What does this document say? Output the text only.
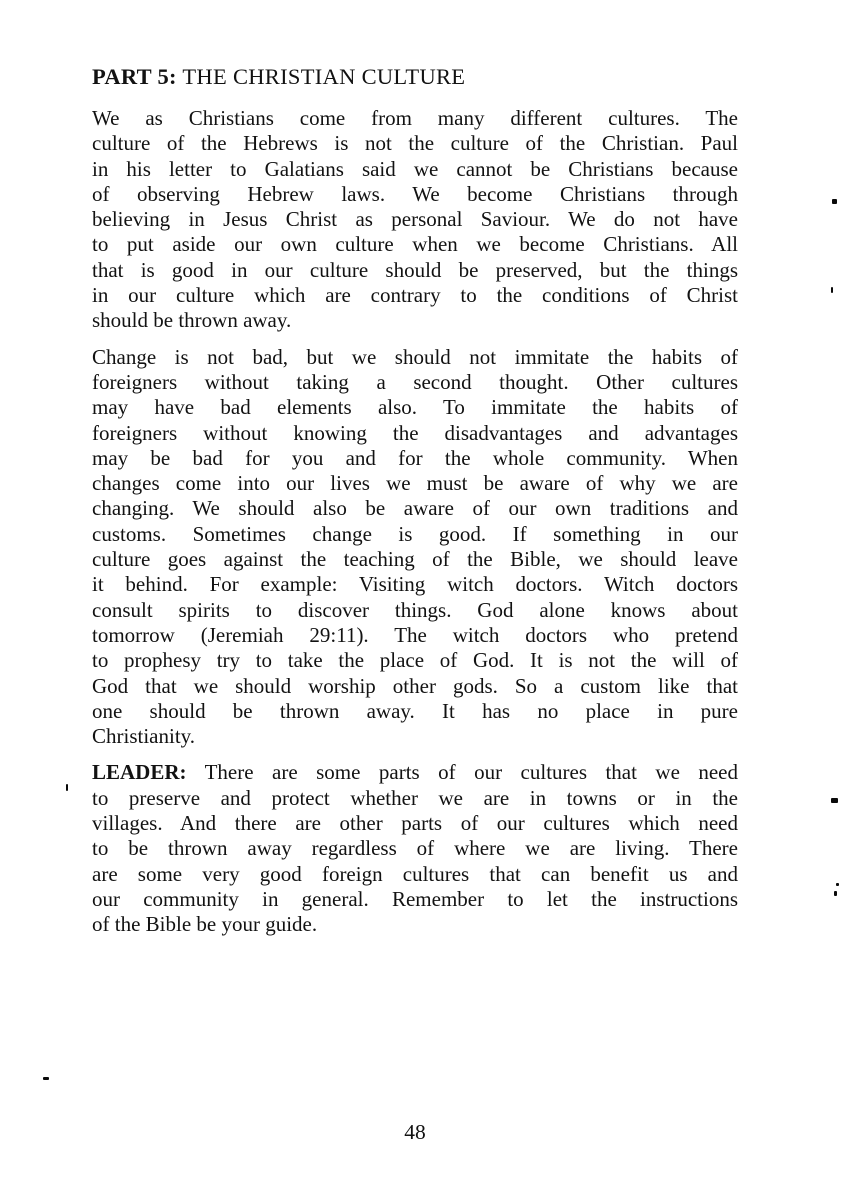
PART 5: THE CHRISTIAN CULTURE
We as Christians come from many different cultures. The
culture of the Hebrews is not the culture of the Christian. Paul
in his letter to Galatians said we cannot be Christians because
of observing Hebrew laws. We become Christians through
believing in Jesus Christ as personal Saviour. We do not have
to put aside our own culture when we become Christians. All
that is good in our culture should be preserved, but the things
in our culture which are contrary to the conditions of Christ
should be thrown away.
Change is not bad, but we should not immitate the habits of
foreigners without taking a second thought. Other cultures
may have bad elements also. To immitate the habits of
foreigners without knowing the disadvantages and advantages
may be bad for you and for the whole community. When
changes come into our lives we must be aware of why we are
changing. We should also be aware of our own traditions and
customs. Sometimes change is good. If something in our
culture goes against the teaching of the Bible, we should leave
it behind. For example: Visiting witch doctors. Witch doctors
consult spirits to discover things. God alone knows about
tomorrow (Jeremiah 29:11). The witch doctors who pretend
to prophesy try to take the place of God. It is not the will of
God that we should worship other gods. So a custom like that
one should be thrown away. It has no place in pure
Christianity.
LEADER: There are some parts of our cultures that we need
to preserve and protect whether we are in towns or in the
villages. And there are other parts of our cultures which need
to be thrown away regardless of where we are living. There
are some very good foreign cultures that can benefit us and
our community in general. Remember to let the instructions
of the Bible be your guide.
48
